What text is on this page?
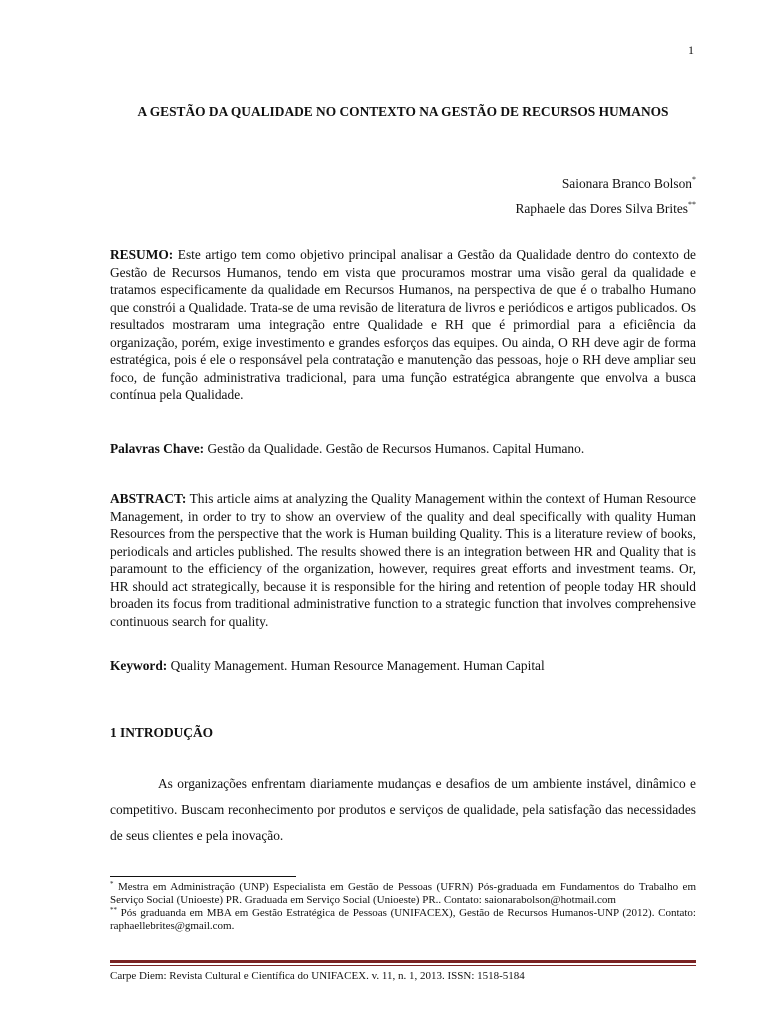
1
A GESTÃO DA QUALIDADE NO CONTEXTO NA GESTÃO DE RECURSOS HUMANOS
Saionara Branco Bolson*
Raphaele das Dores Silva Brites**

RESUMO: Este artigo tem como objetivo principal analisar a Gestão da Qualidade dentro do contexto de Gestão de Recursos Humanos, tendo em vista que procuramos mostrar uma visão geral da qualidade e tratamos especificamente da qualidade em Recursos Humanos, na perspectiva de que é o trabalho Humano que constrói a Qualidade. Trata-se de uma revisão de literatura de livros e periódicos e artigos publicados. Os resultados mostraram uma integração entre Qualidade e RH que é primordial para a eficiência da organização, porém, exige investimento e grandes esforços das equipes. Ou ainda, O RH deve agir de forma estratégica, pois é ele o responsável pela contratação e manutenção das pessoas, hoje o RH deve ampliar seu foco, de função administrativa tradicional, para uma função estratégica abrangente que envolva a busca contínua pela Qualidade.

Palavras Chave: Gestão da Qualidade. Gestão de Recursos Humanos. Capital Humano.

ABSTRACT: This article aims at analyzing the Quality Management within the context of Human Resource Management, in order to try to show an overview of the quality and deal specifically with quality Human Resources from the perspective that the work is Human building Quality. This is a literature review of books, periodicals and articles published. The results showed there is an integration between HR and Quality that is paramount to the efficiency of the organization, however, requires great efforts and investment teams. Or, HR should act strategically, because it is responsible for the hiring and retention of people today HR should broaden its focus from traditional administrative function to a strategic function that involves comprehensive continuous search for quality.

Keyword: Quality Management. Human Resource Management. Human Capital

1 INTRODUÇÃO

As organizações enfrentam diariamente mudanças e desafios de um ambiente instável, dinâmico e competitivo. Buscam reconhecimento por produtos e serviços de qualidade, pela satisfação das necessidades de seus clientes e pela inovação.

* Mestra em Administração (UNP) Especialista em Gestão de Pessoas (UFRN) Pós-graduada em Fundamentos do Trabalho em Serviço Social (Unioeste) PR. Graduada em Serviço Social (Unioeste) PR.. Contato: saionarabolson@hotmail.com
** Pós graduanda em MBA em Gestão Estratégica de Pessoas (UNIFACEX), Gestão de Recursos Humanos-UNP (2012). Contato: raphaellebrites@gmail.com.

Carpe Diem: Revista Cultural e Científica do UNIFACEX. v. 11, n. 1, 2013. ISSN: 1518-5184
